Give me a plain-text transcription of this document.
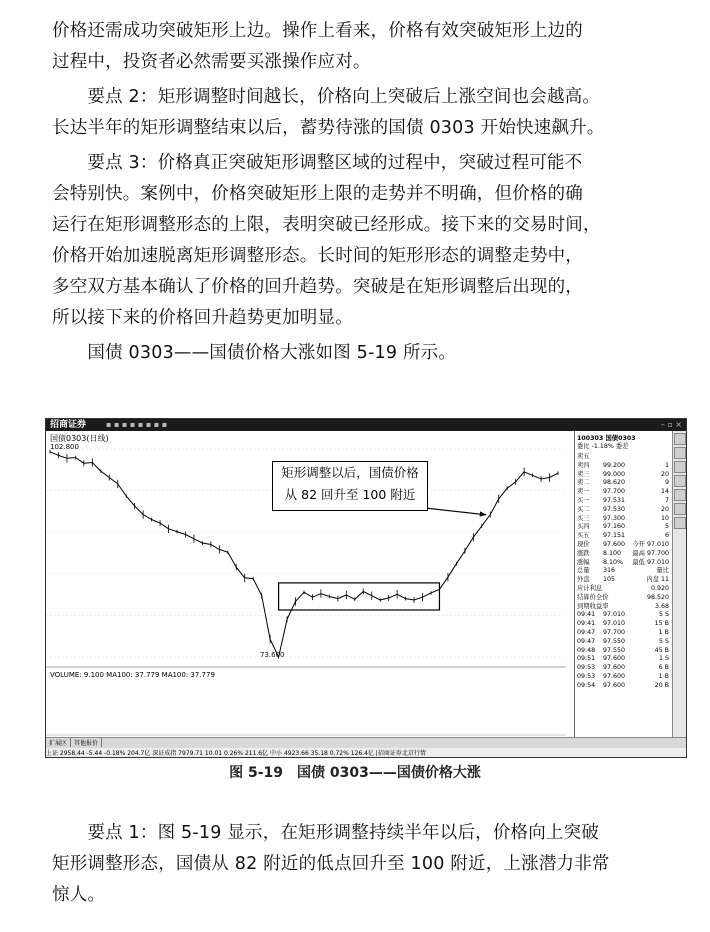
价格还需成功突破矩形上边。操作上看来，价格有效突破矩形上边的
过程中，投资者必然需要买涨操作应对。

　　要点 2：矩形调整时间越长，价格向上突破后上涨空间也会越高。
长达半年的矩形调整结束以后，蓄势待涨的国债 0303 开始快速飙升。

　　要点 3：价格真正突破矩形调整区域的过程中，突破过程可能不
会特别快。案例中，价格突破矩形上限的走势并不明确，但价格的确
运行在矩形调整形态的上限，表明突破已经形成。接下来的交易时间，
价格开始加速脱离矩形调整形态。长时间的矩形形态的调整走势中，
多空双方基本确认了价格的回升趋势。突破是在矩形调整后出现的，
所以接下来的价格回升趋势更加明显。

　　国债 0303——国债价格大涨如图 5-19 所示。

招商证券 ▪ ▪ ▪ ▪ ▪ ▪ ▪ ▪	– ▫ ×
国债0303(日线)
102.800
73.600
矩形调整以后，国债价格
从 82 回升至 100 附近
VOLUME: 9.100 MA100: 37.779 MA100: 37.779
100303 国债0303
委比 -1.18% 委差
卖五
卖四 99.200	1
卖三 99.000	20
卖二 98.620	9
卖一 97.700	14
买一 97.531	7
买二 97.530	20
买三 97.300	10
买四 97.160	5
买五 97.151	6
现价 97.600 今开 97.010
涨跌 8.100 最高 97.700
涨幅 8.10% 最低 97.010
总量 316	量比
外盘 105	内盘 11
应计利息	0.920
结算价全价	98.520
到期收益率	3.68
09:41 97.010	5 S
09:41 97.010	15 B
09:47 97.700	1 B
09:47 97.550	5 S
09:48 97.550	45 B
09:51 97.600	1 S
09:53 97.600	6 B
09:53 97.600	1 B
09:54 97.600	20 B
扩展区 其他报价
上证 2958.44 -5.44 -0.18% 204.7亿 深证成指 7979.71 10.01 0.26% 211.6亿 中小 4923.66 35.18 0.72% 126.4亿 |招商证券北京行情
图 5-19　国债 0303——国债价格大涨

　　要点 1：图 5-19 显示，在矩形调整持续半年以后，价格向上突破
矩形调整形态，国债从 82 附近的低点回升至 100 附近，上涨潜力非常
惊人。
